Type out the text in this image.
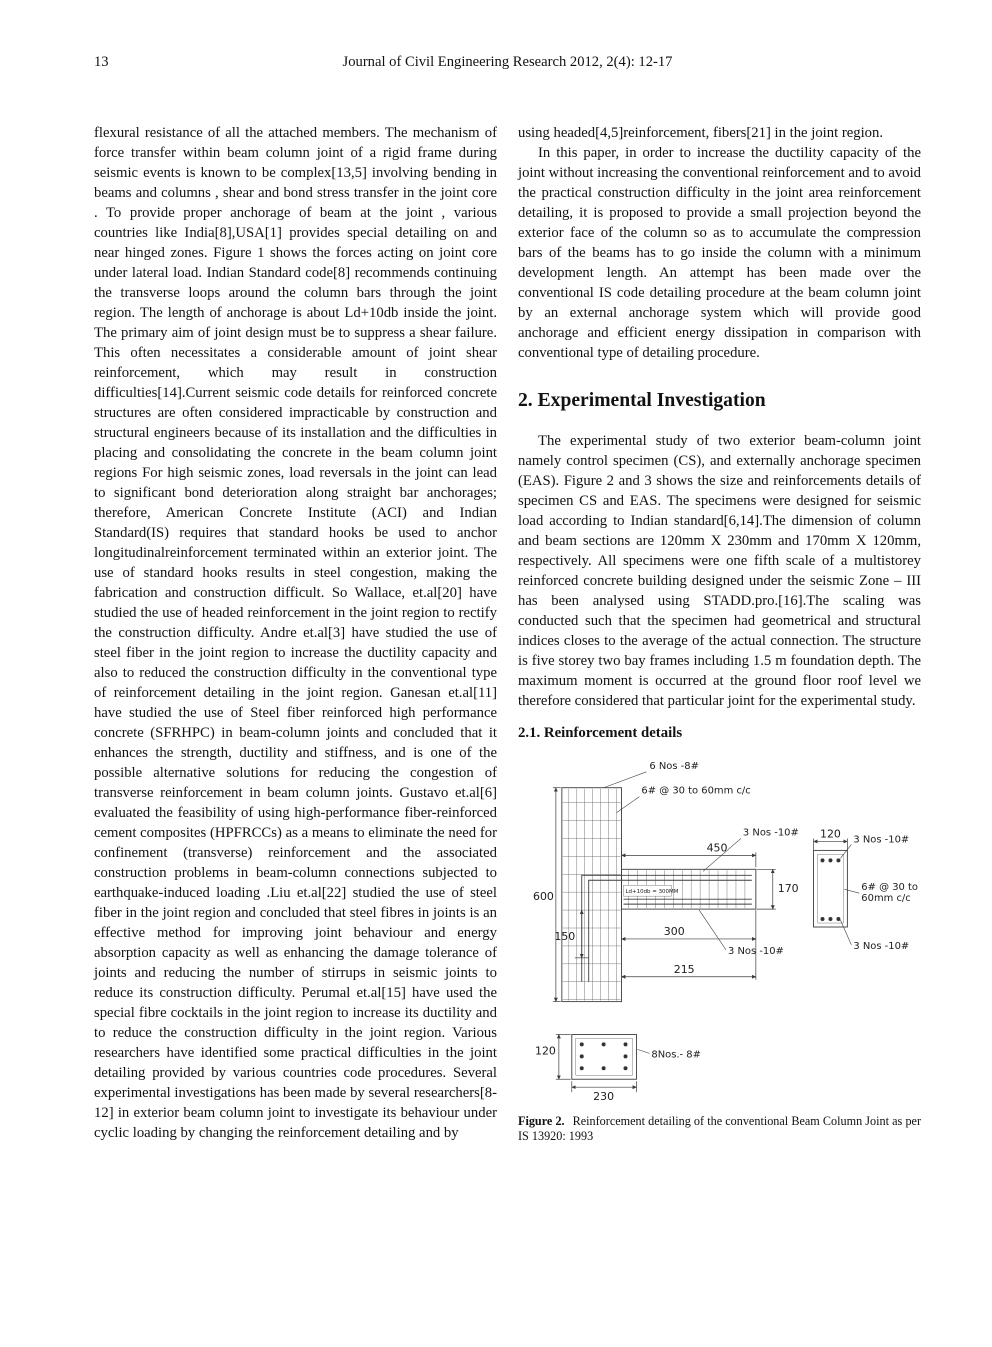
13	Journal of Civil Engineering Research 2012, 2(4): 12-17

flexural resistance of all the attached members. The mechanism of force transfer within beam column joint of a rigid frame during seismic events is known to be complex[13,5] involving bending in beams and columns , shear and bond stress transfer in the joint core . To provide proper anchorage of beam at the joint , various countries like India[8],USA[1] provides special detailing on and near hinged zones. Figure 1 shows the forces acting on joint core under lateral load. Indian Standard code[8] recommends continuing the transverse loops around the column bars through the joint region. The length of anchorage is about Ld+10db inside the joint. The primary aim of joint design must be to suppress a shear failure. This often necessitates a considerable amount of joint shear reinforcement, which may result in construction difficulties[14].Current seismic code details for reinforced concrete structures are often considered impracticable by construction and structural engineers because of its installation and the difficulties in placing and consolidating the concrete in the beam column joint regions For high seismic zones, load reversals in the joint can lead to significant bond deterioration along straight bar anchorages; therefore, American Concrete Institute (ACI) and Indian Standard(IS) requires that standard hooks be used to anchor longitudinalreinforcement terminated within an exterior joint. The use of standard hooks results in steel congestion, making the fabrication and construction difficult. So Wallace, et.al[20] have studied the use of headed reinforcement in the joint region to rectify the construction difficulty. Andre et.al[3] have studied the use of steel fiber in the joint region to increase the ductility capacity and also to reduced the construction difficulty in the conventional type of reinforcement detailing in the joint region. Ganesan et.al[11] have studied the use of Steel fiber reinforced high performance concrete (SFRHPC) in beam-column joints and concluded that it enhances the strength, ductility and stiffness, and is one of the possible alternative solutions for reducing the congestion of transverse reinforcement in beam column joints. Gustavo et.al[6] evaluated the feasibility of using high-performance fiber-reinforced cement composites (HPFRCCs) as a means to eliminate the need for confinement (transverse) reinforcement and the associated construction problems in beam-column connections subjected to earthquake-induced loading .Liu et.al[22] studied the use of steel fiber in the joint region and concluded that steel fibres in joints is an effective method for improving joint behaviour and energy absorption capacity as well as enhancing the damage tolerance of joints and reducing the number of stirrups in seismic joints to reduce its construction difficulty. Perumal et.al[15] have used the special fibre cocktails in the joint region to increase its ductility and to reduce the construction difficulty in the joint region. Various researchers have identified some practical difficulties in the joint detailing provided by various countries code procedures. Several experimental investigations has been made by several researchers[8-12] in exterior beam column joint to investigate its behaviour under cyclic loading by changing the reinforcement detailing and by

using headed[4,5]reinforcement, fibers[21] in the joint region.

In this paper, in order to increase the ductility capacity of the joint without increasing the conventional reinforcement and to avoid the practical construction difficulty in the joint area reinforcement detailing, it is proposed to provide a small projection beyond the exterior face of the column so as to accumulate the compression bars of the beams has to go inside the column with a minimum development length. An attempt has been made over the conventional IS code detailing procedure at the beam column joint by an external anchorage system which will provide good anchorage and efficient energy dissipation in comparison with conventional type of detailing procedure.

2. Experimental Investigation

The experimental study of two exterior beam-column joint namely control specimen (CS), and externally anchorage specimen (EAS). Figure 2 and 3 shows the size and reinforcements details of specimen CS and EAS. The specimens were designed for seismic load according to Indian standard[6,14].The dimension of column and beam sections are 120mm X 230mm and 170mm X 120mm, respectively. All specimens were one fifth scale of a multistorey reinforced concrete building designed under the seismic Zone – III has been analysed using STADD.pro.[16].The scaling was conducted such that the specimen had geometrical and structural indices closes to the average of the actual connection. The structure is five storey two bay frames including 1.5 m foundation depth. The maximum moment is occurred at the ground floor roof level we therefore considered that particular joint for the experimental study.

2.1. Reinforcement details
Ld+10db = 300MM
6 Nos -8#
6# @ 30 to 60mm c/c
3 Nos -10#
450
600
170
150	300
3 Nos -10#
215
120 3 Nos -10#
6# @ 30 to
60mm c/c
3 Nos -10#
120	8Nos.- 8#
230
Figure 2. Reinforcement detailing of the conventional Beam Column Joint as per IS 13920: 1993
